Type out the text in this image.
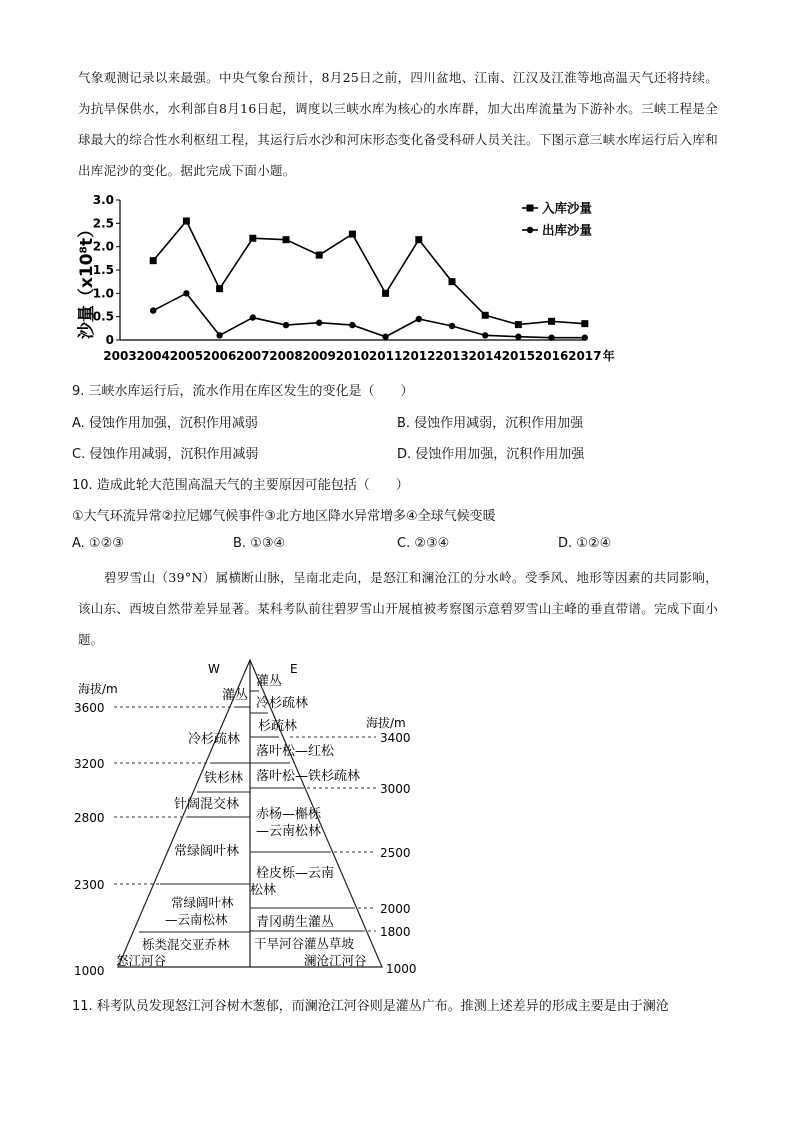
气象观测记录以来最强。中央气象台预计，8月25日之前，四川盆地、江南、江汉及江淮等地高温天气还将持续。为抗旱保供水，水利部自8月16日起，调度以三峡水库为核心的水库群，加大出库流量为下游补水。三峡工程是全球最大的综合性水利枢纽工程，其运行后水沙和河床形态变化备受科研人员关注。下图示意三峡水库运行后入库和出库泥沙的变化。据此完成下面小题。
0
0.5
1.0
1.5
2.0
2.5
3.0
2003 2004 2005 2006 2007 2008 2009 2010 2011 2012 2013 2014 2015 2016 2017 年
入库沙量
出库沙量
沙量（x10⁸t）
9. 三峡水库运行后，流水作用在库区发生的变化是（　　）
A. 侵蚀作用加强，沉积作用减弱	B. 侵蚀作用减弱，沉积作用加强
C. 侵蚀作用减弱，沉积作用减弱	D. 侵蚀作用加强，沉积作用加强
10. 造成此轮大范围高温天气的主要原因可能包括（　　）
①大气环流异常②拉尼娜气候事件③北方地区降水异常增多④全球气候变暖
A. ①②③	B. ①③④	C. ②③④	D. ①②④
碧罗雪山（39°N）属横断山脉，呈南北走向，是怒江和澜沧江的分水岭。受季风、地形等因素的共同影响，该山东、西坡自然带差异显著。某科考队前往碧罗雪山开展植被考察图示意碧罗雪山主峰的垂直带谱。完成下面小题。
W	E
海拔/m
海拔/m
3600
3200
2800
2300
1000
3400
3000
2500
2000
1800
1000
灌丛
冷杉疏林
铁杉林
针阔混交林
常绿阔叶林
常绿阔叶林—云南松林
栎类混交亚乔林
怒江河谷
灌丛
冷杉疏林
杉疏林
落叶松—红松
落叶松—铁杉疏林
赤杨—槲栎—云南松林
栓皮栎—云南松林
青冈萌生灌丛
干旱河谷灌丛草坡
澜沧江河谷
11. 科考队员发现怒江河谷树木葱郁，而澜沧江河谷则是灌丛广布。推测上述差异的形成主要是由于澜沧
